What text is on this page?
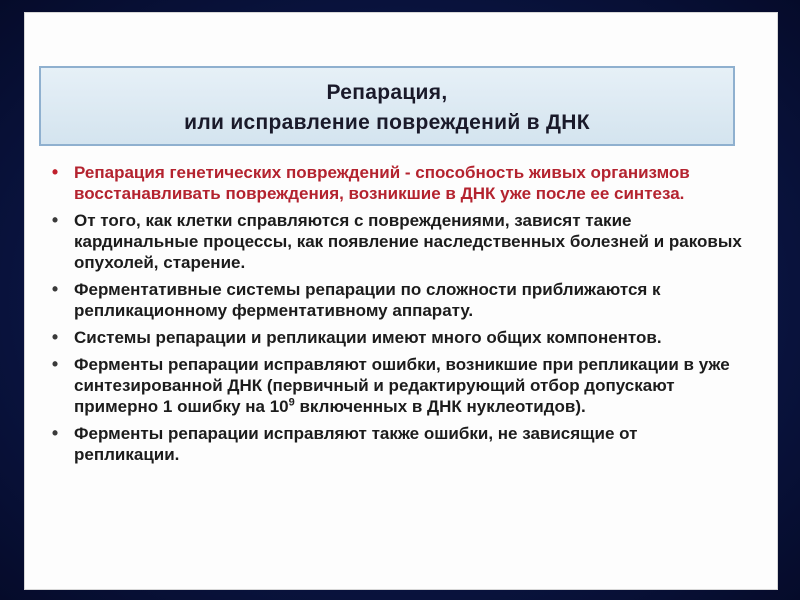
Репарация,
или исправление повреждений в ДНК
• Репарация генетических повреждений - способность живых организмов восстанавливать повреждения, возникшие в ДНК уже после ее синтеза.
• От того, как клетки справляются с повреждениями, зависят такие кардинальные процессы, как появление наследственных болезней и раковых опухолей, старение.
• Ферментативные системы репарации по сложности приближаются к репликационному ферментативному аппарату.
• Системы репарации и репликации имеют много общих компонентов.
• Ферменты репарации исправляют ошибки, возникшие при репликации в уже синтезированной ДНК (первичный и редактирующий отбор допускают примерно 1 ошибку на $10^9$ включенных в ДНК нуклеотидов).
• Ферменты репарации исправляют также ошибки, не зависящие от репликации.
